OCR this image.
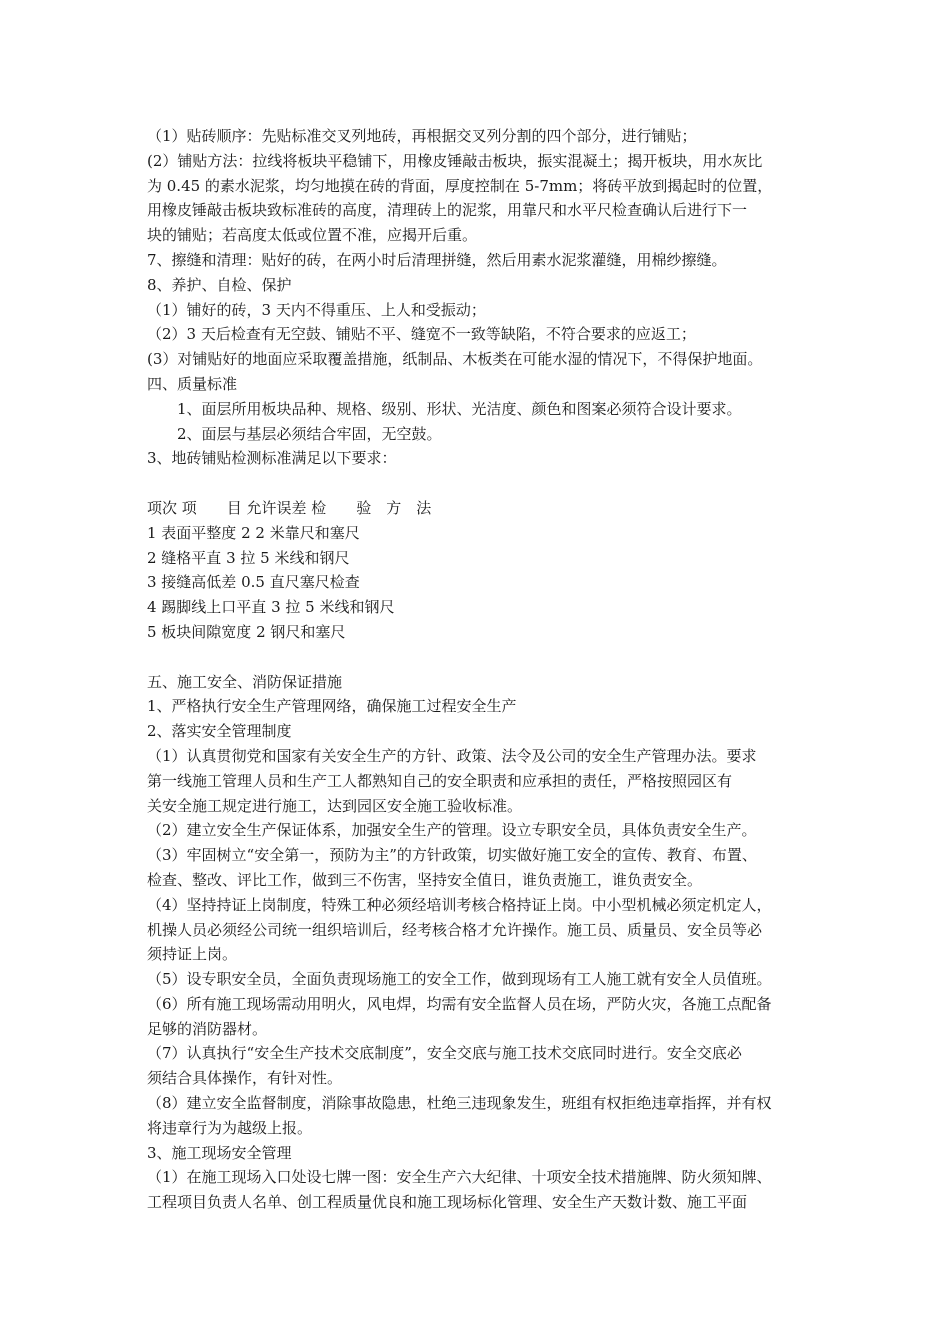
（1）贴砖顺序：先贴标准交叉列地砖，再根据交叉列分割的四个部分，进行铺贴；
(2）铺贴方法：拉线将板块平稳铺下，用橡皮锤敲击板块，振实混凝土；揭开板块，用水灰比
为 0.45 的素水泥浆，均匀地摸在砖的背面，厚度控制在 5-7mm；将砖平放到揭起时的位置，
用橡皮锤敲击板块致标准砖的高度，清理砖上的泥浆，用靠尺和水平尺检查确认后进行下一
块的铺贴；若高度太低或位置不准，应揭开后重。
7、擦缝和清理：贴好的砖，在两小时后清理拼缝，然后用素水泥浆灌缝，用棉纱擦缝。
8、养护、自检、保护
（1）铺好的砖，3 天内不得重压、上人和受振动；
（2）3 天后检查有无空鼓、铺贴不平、缝宽不一致等缺陷，不符合要求的应返工；
(3）对铺贴好的地面应采取覆盖措施，纸制品、木板类在可能水湿的情况下，不得保护地面。
四、质量标准
1、面层所用板块品种、规格、级别、形状、光洁度、颜色和图案必须符合设计要求。
2、面层与基层必须结合牢固，无空鼓。
3、地砖铺贴检测标准满足以下要求：
项次 项　　目 允许误差 检　　验　方　法
1 表面平整度 2 2 米靠尺和塞尺
2 缝格平直 3 拉 5 米线和钢尺
3 接缝高低差 0.5 直尺塞尺检查
4 踢脚线上口平直 3 拉 5 米线和钢尺
5 板块间隙宽度 2 钢尺和塞尺
五、施工安全、消防保证措施
1、严格执行安全生产管理网络，确保施工过程安全生产
2、落实安全管理制度
（1）认真贯彻党和国家有关安全生产的方针、政策、法令及公司的安全生产管理办法。要求
第一线施工管理人员和生产工人都熟知自己的安全职责和应承担的责任，严格按照园区有
关安全施工规定进行施工，达到园区安全施工验收标准。
（2）建立安全生产保证体系，加强安全生产的管理。设立专职安全员，具体负责安全生产。
（3）牢固树立“安全第一，预防为主”的方针政策，切实做好施工安全的宣传、教育、布置、
检查、整改、评比工作，做到三不伤害，坚持安全值日，谁负责施工，谁负责安全。
（4）坚持持证上岗制度，特殊工种必须经培训考核合格持证上岗。中小型机械必须定机定人，
机操人员必须经公司统一组织培训后，经考核合格才允许操作。施工员、质量员、安全员等必
须持证上岗。
（5）设专职安全员，全面负责现场施工的安全工作，做到现场有工人施工就有安全人员值班。
（6）所有施工现场需动用明火，风电焊，均需有安全监督人员在场，严防火灾，各施工点配备
足够的消防器材。
（7）认真执行“安全生产技术交底制度”，安全交底与施工技术交底同时进行。安全交底必
须结合具体操作，有针对性。
（8）建立安全监督制度，消除事故隐患，杜绝三违现象发生，班组有权拒绝违章指挥，并有权
将违章行为为越级上报。
3、施工现场安全管理
（1）在施工现场入口处设七牌一图：安全生产六大纪律、十项安全技术措施牌、防火须知牌、
工程项目负责人名单、创工程质量优良和施工现场标化管理、安全生产天数计数、施工平面
